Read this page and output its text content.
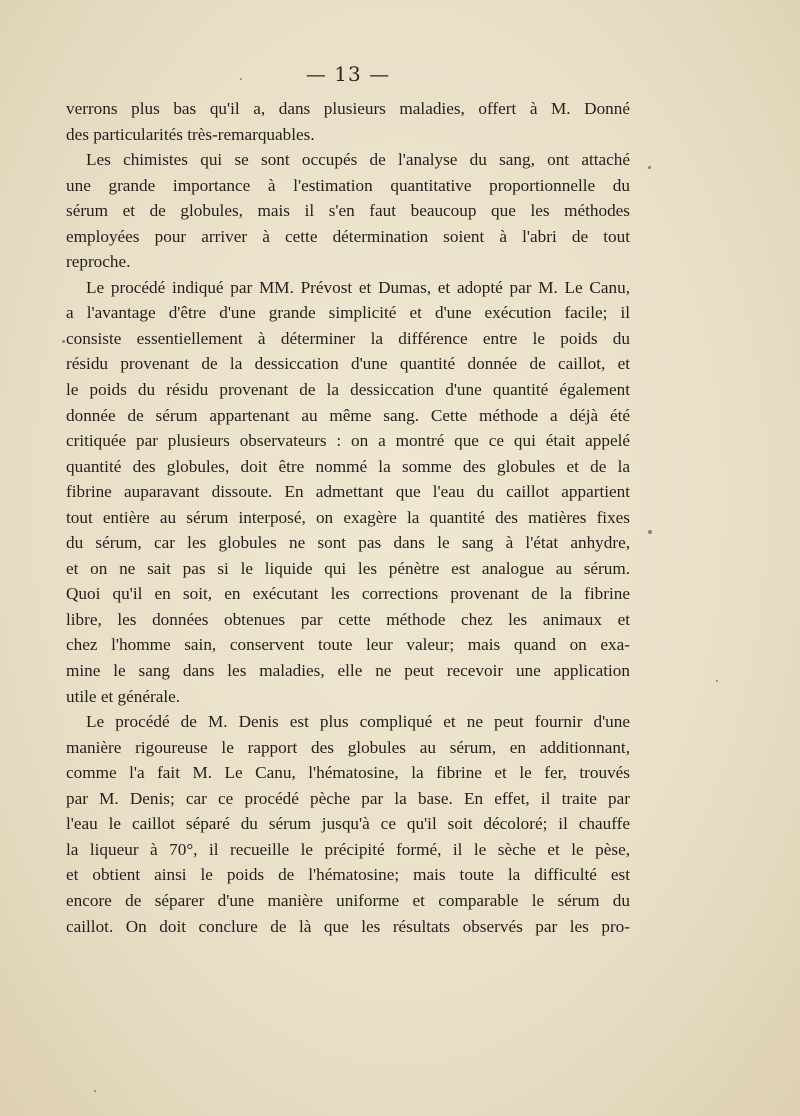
— 13 —
verrons plus bas qu'il a, dans plusieurs maladies, offert à M. Donné
des particularités très-remarquables.
Les chimistes qui se sont occupés de l'analyse du sang, ont attaché
une grande importance à l'estimation quantitative proportionnelle du
sérum et de globules, mais il s'en faut beaucoup que les méthodes
employées pour arriver à cette détermination soient à l'abri de tout
reproche.
Le procédé indiqué par MM. Prévost et Dumas, et adopté par M. Le Canu,
a l'avantage d'être d'une grande simplicité et d'une exécution facile; il
consiste essentiellement à déterminer la différence entre le poids du
résidu provenant de la dessiccation d'une quantité donnée de caillot, et
le poids du résidu provenant de la dessiccation d'une quantité également
donnée de sérum appartenant au même sang. Cette méthode a déjà été
critiquée par plusieurs observateurs : on a montré que ce qui était appelé
quantité des globules, doit être nommé la somme des globules et de la
fibrine auparavant dissoute. En admettant que l'eau du caillot appartient
tout entière au sérum interposé, on exagère la quantité des matières fixes
du sérum, car les globules ne sont pas dans le sang à l'état anhydre,
et on ne sait pas si le liquide qui les pénètre est analogue au sérum.
Quoi qu'il en soit, en exécutant les corrections provenant de la fibrine
libre, les données obtenues par cette méthode chez les animaux et
chez l'homme sain, conservent toute leur valeur; mais quand on exa-
mine le sang dans les maladies, elle ne peut recevoir une application
utile et générale.
Le procédé de M. Denis est plus compliqué et ne peut fournir d'une
manière rigoureuse le rapport des globules au sérum, en additionnant,
comme l'a fait M. Le Canu, l'hématosine, la fibrine et le fer, trouvés
par M. Denis; car ce procédé pèche par la base. En effet, il traite par
l'eau le caillot séparé du sérum jusqu'à ce qu'il soit décoloré; il chauffe
la liqueur à 70°, il recueille le précipité formé, il le sèche et le pèse,
et obtient ainsi le poids de l'hématosine; mais toute la difficulté est
encore de séparer d'une manière uniforme et comparable le sérum du
caillot. On doit conclure de là que les résultats observés par les pro-
